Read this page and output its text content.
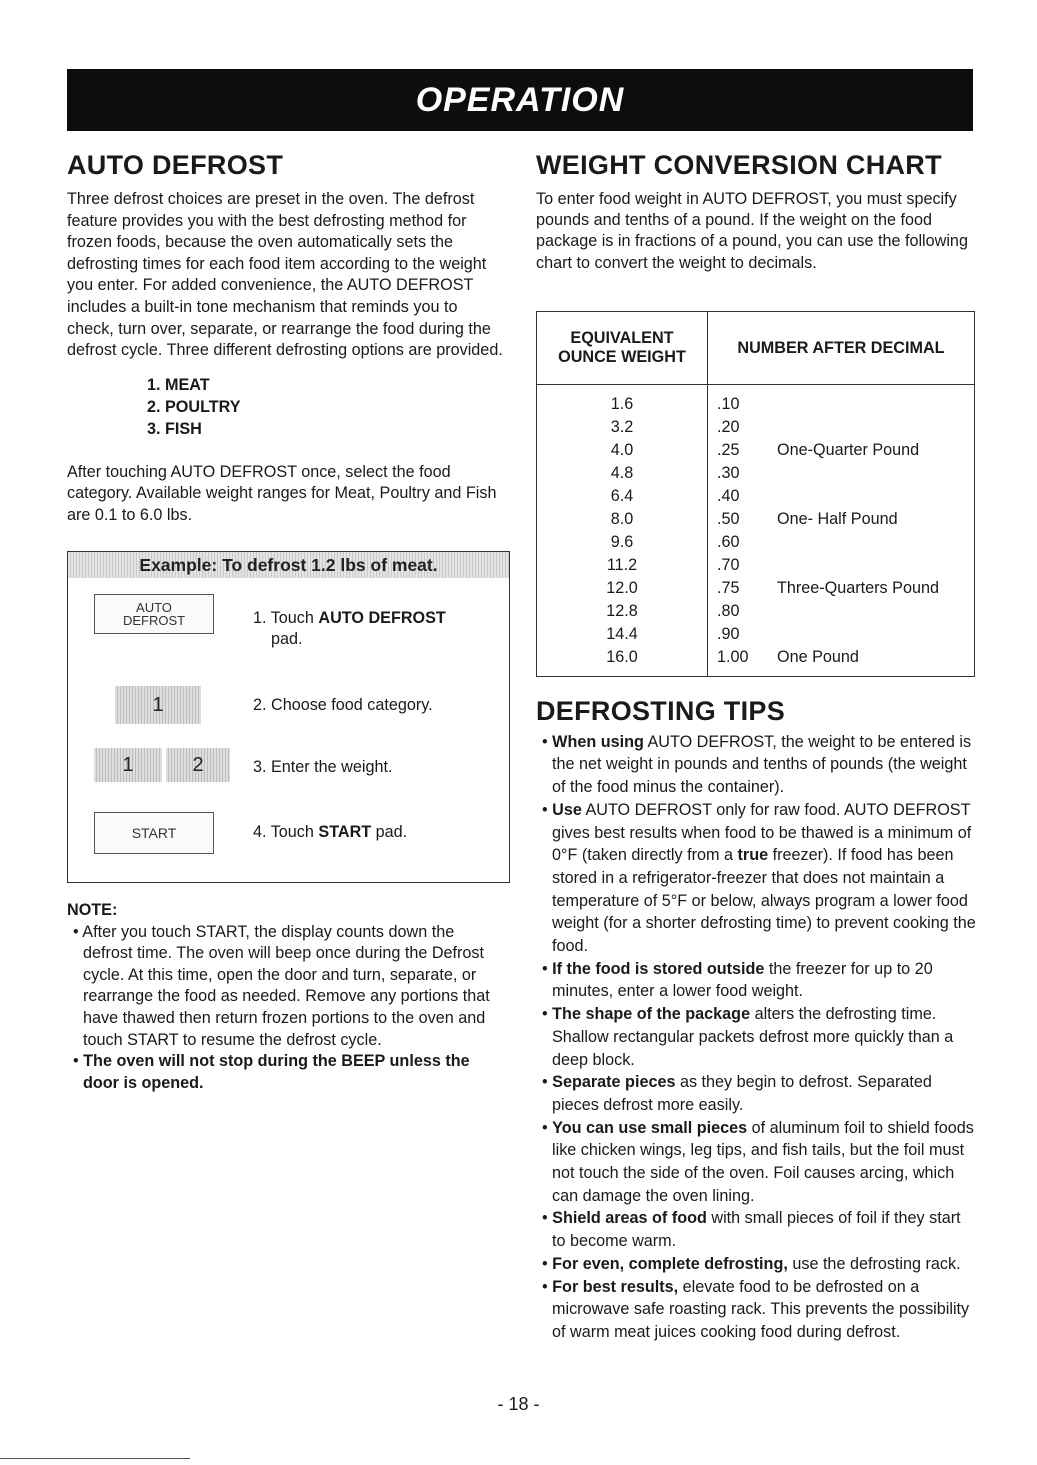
OPERATION
AUTO DEFROST

Three defrost choices are preset in the oven. The defrost feature provides you with the best defrosting method for frozen foods, because the oven automatically sets the defrosting times for each food item according to the weight you enter. For added convenience, the AUTO DEFROST includes a built-in tone mechanism that reminds you to check, turn over, separate, or rearrange the food during the defrost cycle. Three different defrosting options are provided.

1. MEAT
2. POULTRY
3. FISH

After touching AUTO DEFROST once, select the food category. Available weight ranges for Meat, Poultry and Fish are 0.1 to 6.0 lbs.

Example: To defrost 1.2 lbs of meat.
AUTO
DEFROST	1. Touch AUTO DEFROST
pad.
1	2. Choose food category.
1	2	3. Enter the weight.
START	4. Touch START pad.
NOTE:
• After you touch START, the display counts down the defrost time. The oven will beep once during the Defrost cycle. At this time, open the door and turn, separate, or rearrange the food as needed. Remove any portions that have thawed then return frozen portions to the oven and touch START to resume the defrost cycle.
• The oven will not stop during the BEEP unless the door is opened.
WEIGHT CONVERSION CHART

To enter food weight in AUTO DEFROST, you must specify pounds and tenths of a pound. If the weight on the food package is in fractions of a pound, you can use the following chart to convert the weight to decimals.

EQUIVALENT
OUNCE WEIGHT
NUMBER AFTER DECIMAL
1.6	.10
3.2	.20
4.0	.25	One-Quarter Pound
4.8	.30
6.4	.40
8.0	.50	One- Half Pound
9.6	.60
11.2	.70
12.0	.75	Three-Quarters Pound
12.8	.80
14.4	.90
16.0	1.00	One Pound
DEFROSTING TIPS
• When using AUTO DEFROST, the weight to be entered is the net weight in pounds and tenths of pounds (the weight of the food minus the container).
• Use AUTO DEFROST only for raw food. AUTO DEFROST gives best results when food to be thawed is a minimum of 0°F (taken directly from a true freezer). If food has been stored in a refrigerator-freezer that does not maintain a temperature of 5°F or below, always program a lower food weight (for a shorter defrosting time) to prevent cooking the food.
• If the food is stored outside the freezer for up to 20 minutes, enter a lower food weight.
• The shape of the package alters the defrosting time. Shallow rectangular packets defrost more quickly than a deep block.
• Separate pieces as they begin to defrost. Separated pieces defrost more easily.
• You can use small pieces of aluminum foil to shield foods like chicken wings, leg tips, and fish tails, but the foil must not touch the side of the oven. Foil causes arcing, which can damage the oven lining.
• Shield areas of food with small pieces of foil if they start to become warm.
• For even, complete defrosting, use the defrosting rack.
• For best results, elevate food to be defrosted on a microwave safe roasting rack. This prevents the possibility of warm meat juices cooking food during defrost.
- 18 -
